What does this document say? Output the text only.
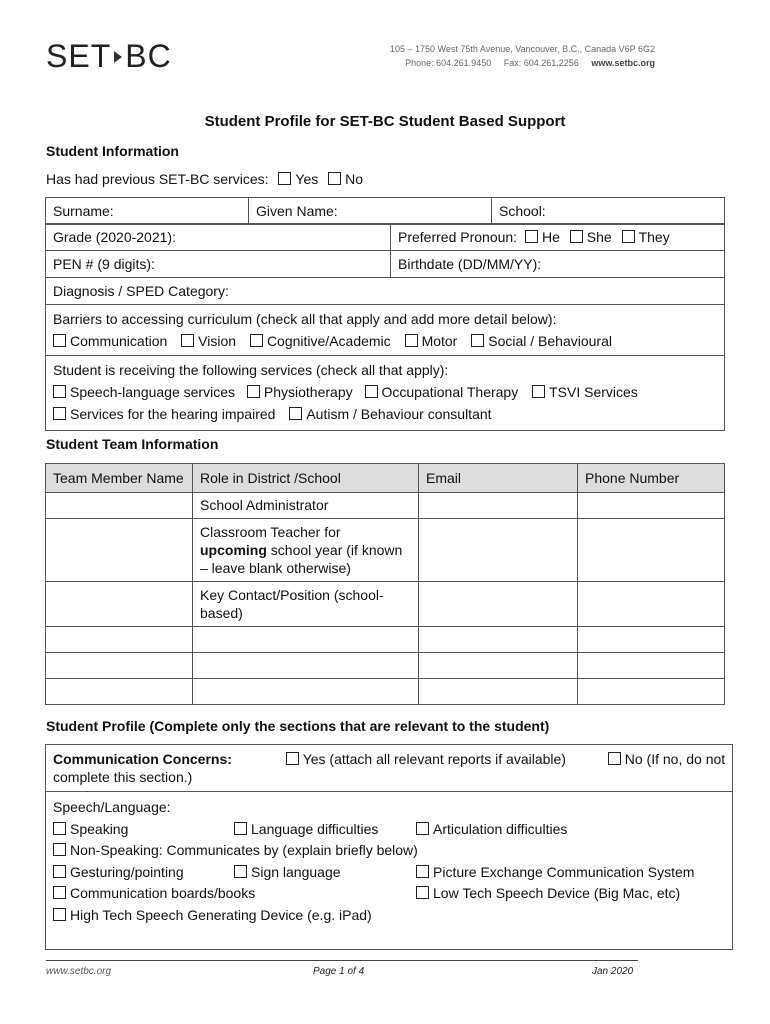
SET BC	105 – 1750 West 75th Avenue, Vancouver, B.C., Canada V6P 6G2
Phone: 604.261.9450 Fax: 604.261.2256 www.setbc.org
Student Profile for SET-BC Student Based Support
Student Information
Has had previous SET-BC services: Yes No
Surname:	Given Name:	School:
Grade (2020-2021):	Preferred Pronoun: He She They
PEN # (9 digits):	Birthdate (DD/MM/YY):
Diagnosis / SPED Category:	

Barriers to accessing curriculum (check all that apply and add more detail below):
Communication Vision Cognitive/Academic Motor Social / Behavioural	

Student is receiving the following services (check all that apply):
Speech-language services Physiotherapy Occupational Therapy TSVI Services
Services for the hearing impaired Autism / Behaviour consultant	
Student Team Information
Team Member Name	Role in District /School	Email	Phone Number
	School Administrator		
	Classroom Teacher for upcoming school year (if known – leave blank otherwise)		
	Key Contact/Position (school-based)		

Student Profile (Complete only the sections that are relevant to the student)
Communication Concerns:	Yes (attach all relevant reports if available)	No (If no, do not
complete this section.)

Speech/Language:
Speaking	Language difficulties	Articulation difficulties
Non-Speaking: Communicates by (explain briefly below)
Gesturing/pointing	Sign language	Picture Exchange Communication System
Communication boards/books	Low Tech Speech Device (Big Mac, etc)
High Tech Speech Generating Device (e.g. iPad)
www.setbc.org	Page 1 of 4	Jan 2020
